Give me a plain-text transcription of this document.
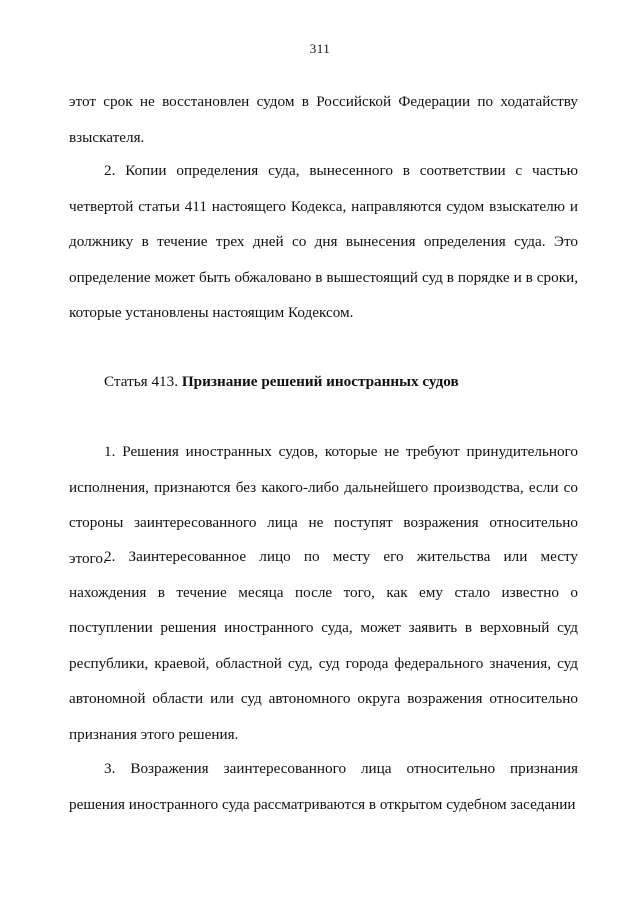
311

этот срок не восстановлен судом в Российской Федерации по ходатайству взыскателя.

2. Копии определения суда, вынесенного в соответствии с частью четвертой статьи 411 настоящего Кодекса, направляются судом взыскателю и должнику в течение трех дней со дня вынесения определения суда. Это определение может быть обжаловано в вышестоящий суд в порядке и в сроки, которые установлены настоящим Кодексом.

Статья 413. Признание решений иностранных судов

1. Решения иностранных судов, которые не требуют принудительного исполнения, признаются без какого-либо дальнейшего производства, если со стороны заинтересованного лица не поступят возражения относительно этого.

2. Заинтересованное лицо по месту его жительства или месту нахождения в течение месяца после того, как ему стало известно о поступлении решения иностранного суда, может заявить в верховный суд республики, краевой, областной суд, суд города федерального значения, суд автономной области или суд автономного округа возражения относительно признания этого решения.

3. Возражения заинтересованного лица относительно признания решения иностранного суда рассматриваются в открытом судебном заседании
